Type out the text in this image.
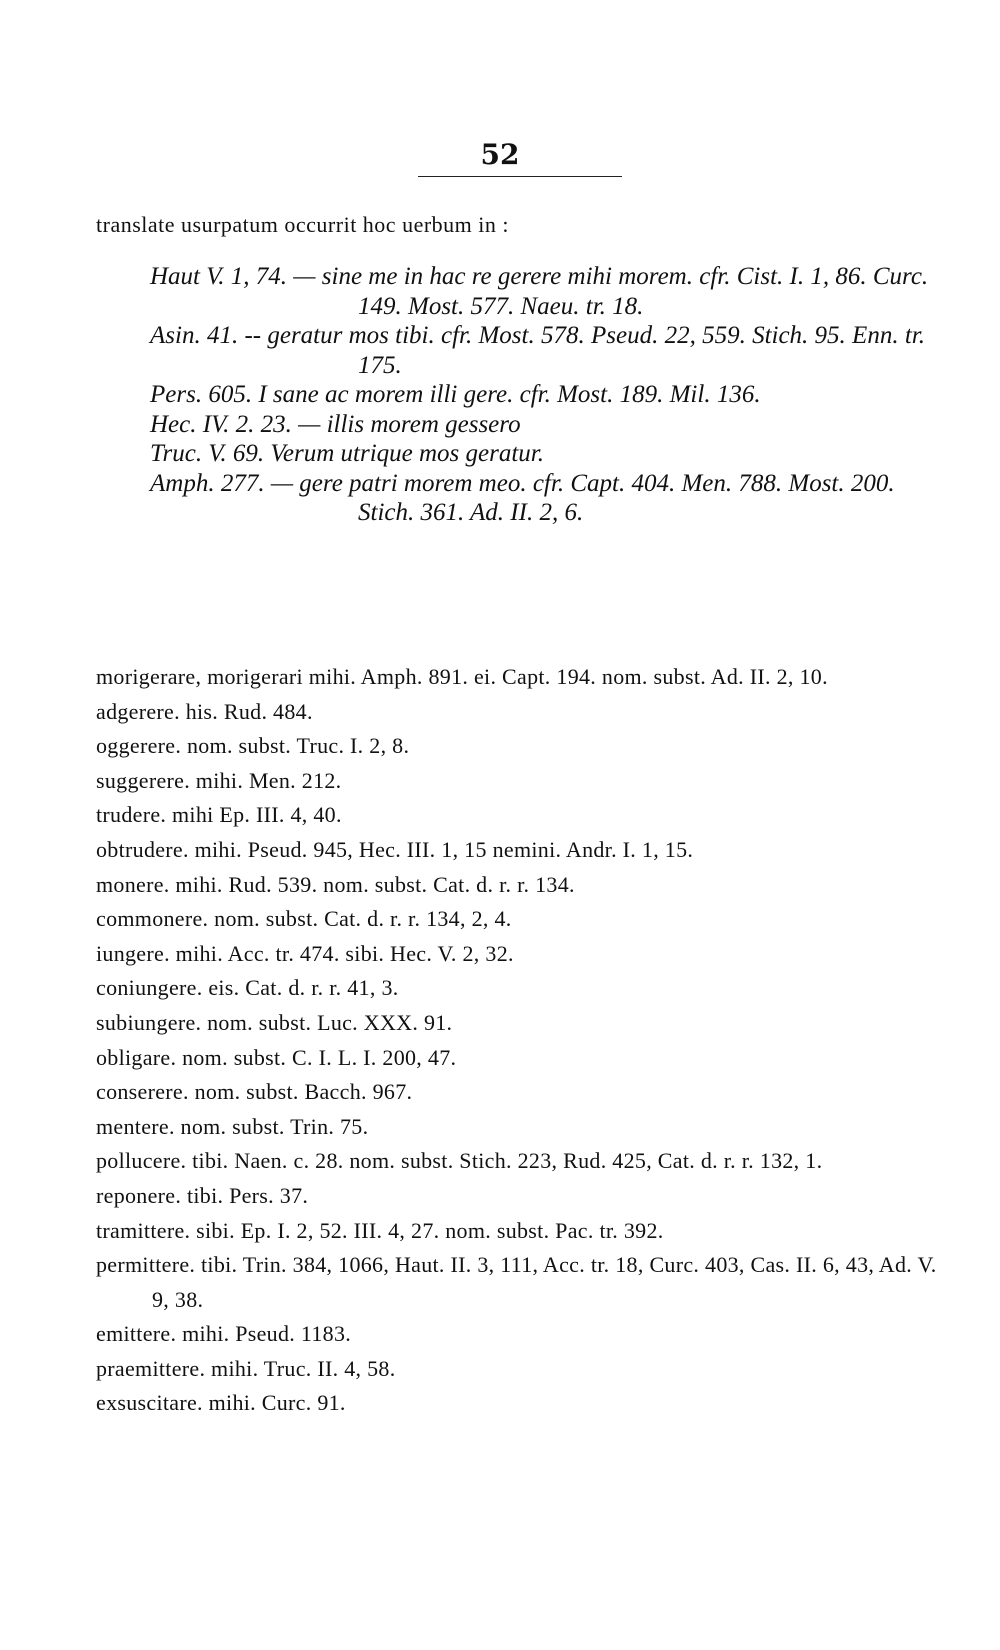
52
translate usurpatum occurrit hoc uerbum in :

Haut V. 1, 74. — sine me in hac re gerere mihi morem. cfr. Cist. I. 1, 86. Curc. 149. Most. 577. Naeu. tr. 18.

Asin. 41. -- geratur mos tibi. cfr. Most. 578. Pseud. 22, 559. Stich. 95. Enn. tr. 175.

Pers. 605. I sane ac morem illi gere. cfr. Most. 189. Mil. 136.

Hec. IV. 2. 23. — illis morem gessero

Truc. V. 69. Verum utrique mos geratur.

Amph. 277. — gere patri morem meo. cfr. Capt. 404. Men. 788. Most. 200. Stich. 361. Ad. II. 2, 6.

morigerare, morigerari mihi. Amph. 891. ei. Capt. 194. nom. subst. Ad. II. 2, 10.

adgerere. his. Rud. 484.

oggerere. nom. subst. Truc. I. 2, 8.

suggerere. mihi. Men. 212.

trudere. mihi Ep. III. 4, 40.

obtrudere. mihi. Pseud. 945, Hec. III. 1, 15 nemini. Andr. I. 1, 15.

monere. mihi. Rud. 539. nom. subst. Cat. d. r. r. 134.

commonere. nom. subst. Cat. d. r. r. 134, 2, 4.

iungere. mihi. Acc. tr. 474. sibi. Hec. V. 2, 32.

coniungere. eis. Cat. d. r. r. 41, 3.

subiungere. nom. subst. Luc. XXX. 91.

obligare. nom. subst. C. I. L. I. 200, 47.

conserere. nom. subst. Bacch. 967.

mentere. nom. subst. Trin. 75.

pollucere. tibi. Naen. c. 28. nom. subst. Stich. 223, Rud. 425, Cat. d. r. r. 132, 1.

reponere. tibi. Pers. 37.

tramittere. sibi. Ep. I. 2, 52. III. 4, 27. nom. subst. Pac. tr. 392.

permittere. tibi. Trin. 384, 1066, Haut. II. 3, 111, Acc. tr. 18, Curc. 403, Cas. II. 6, 43, Ad. V. 9, 38.

emittere. mihi. Pseud. 1183.

praemittere. mihi. Truc. II. 4, 58.

exsuscitare. mihi. Curc. 91.
